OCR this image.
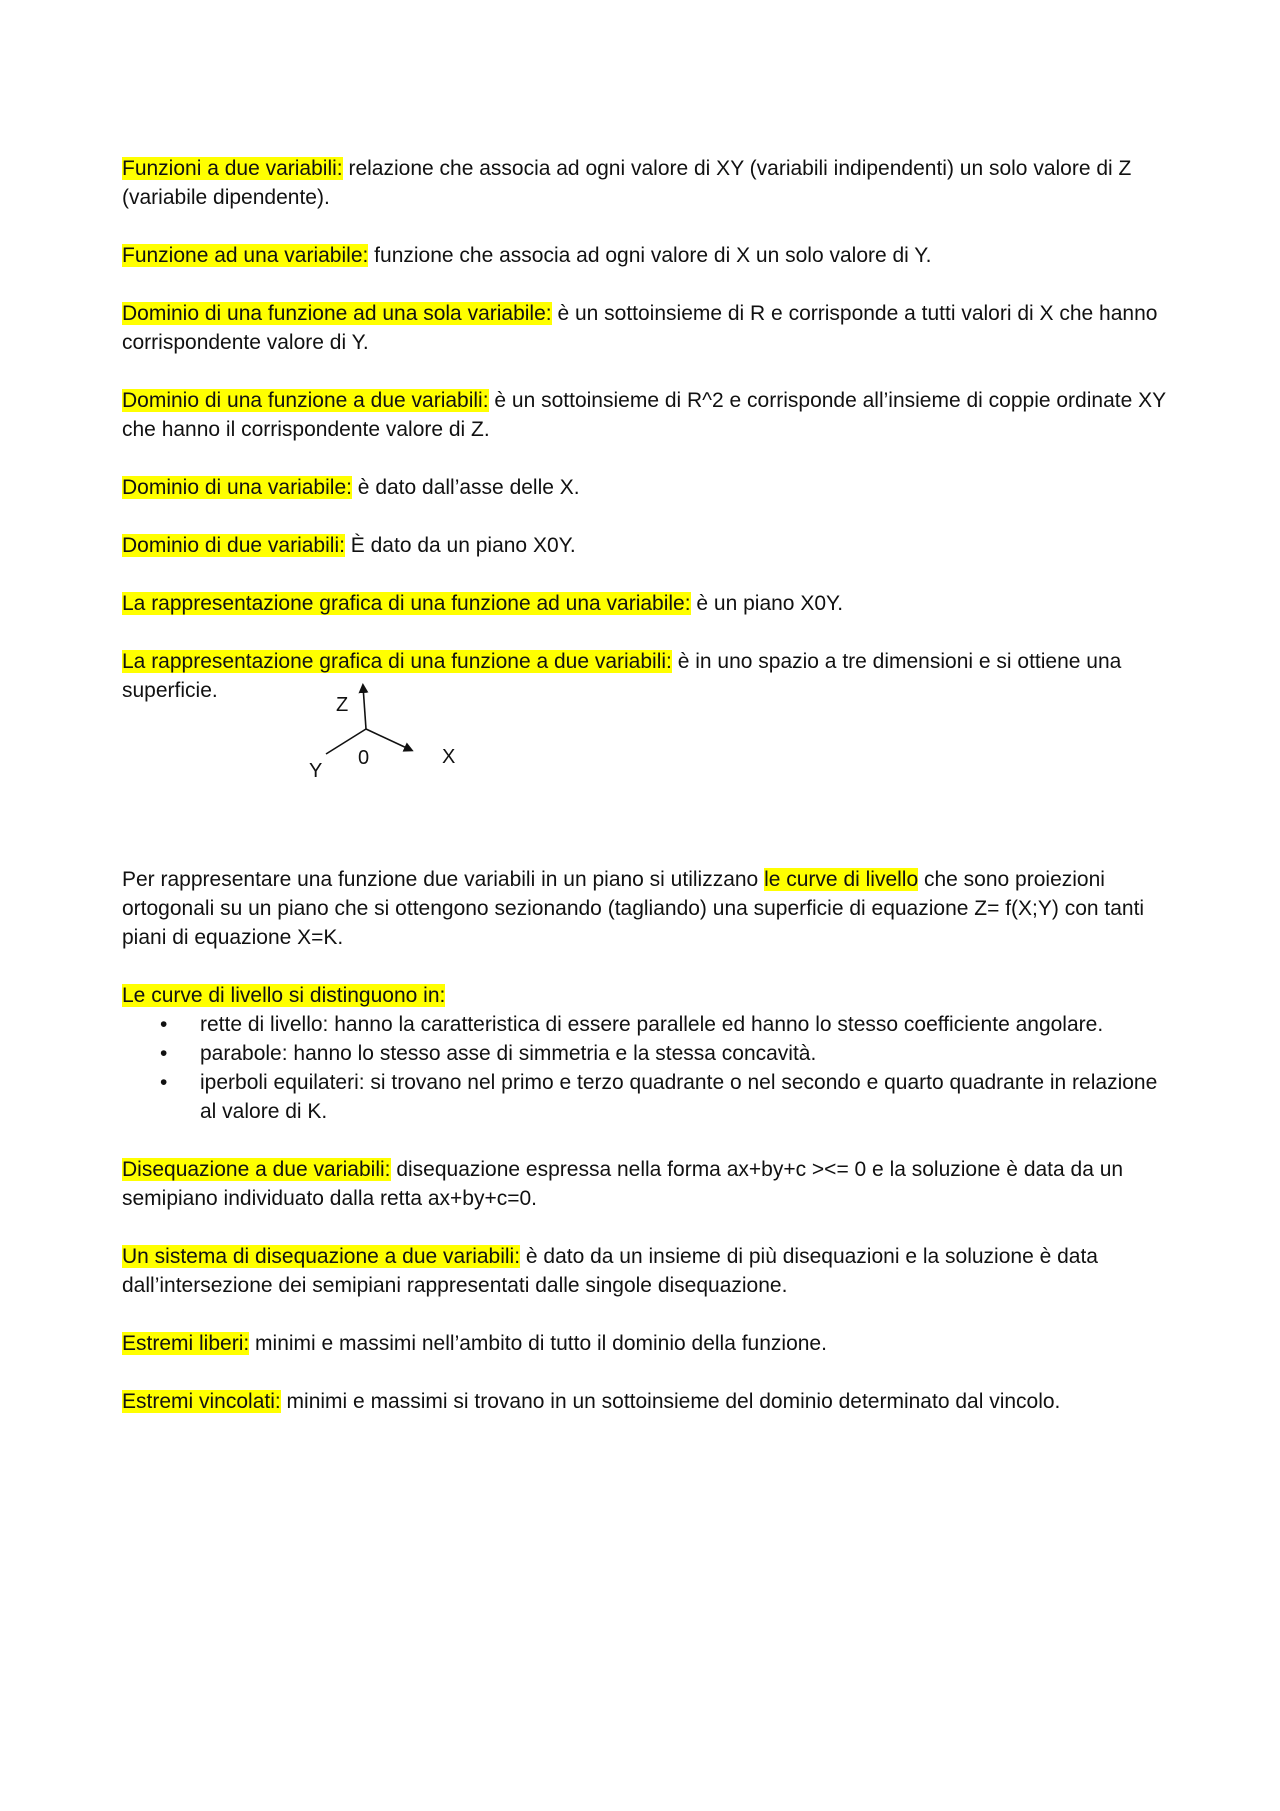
Funzioni a due variabili: relazione che associa ad ogni valore di XY (variabili indipendenti) un solo valore di Z (variabile dipendente).

Funzione ad una variabile: funzione che associa ad ogni valore di X un solo valore di Y.

Dominio di una funzione ad una sola variabile: è un sottoinsieme di R e corrisponde a tutti valori di X che hanno corrispondente valore di Y.

Dominio di una funzione a due variabili: è un sottoinsieme di R^2 e corrisponde all’insieme di coppie ordinate XY che hanno il corrispondente valore di Z.

Dominio di una variabile: è dato dall’asse delle X.

Dominio di due variabili: È dato da un piano X0Y.

La rappresentazione grafica di una funzione ad una variabile: è un piano X0Y.

La rappresentazione grafica di una funzione a due variabili: è in uno spazio a tre dimensioni e si ottiene una superficie.

Z
X
Y
0

Per rappresentare una funzione due variabili in un piano si utilizzano le curve di livello che sono proiezioni ortogonali su un piano che si ottengono sezionando (tagliando) una superficie di equazione Z= f(X;Y) con tanti piani di equazione X=K.

Le curve di livello si distinguono in:

• rette di livello: hanno la caratteristica di essere parallele ed hanno lo stesso coefficiente angolare.
• parabole: hanno lo stesso asse di simmetria e la stessa concavità.
• iperboli equilateri: si trovano nel primo e terzo quadrante o nel secondo e quarto quadrante in relazione al valore di K.

Disequazione a due variabili: disequazione espressa nella forma ax+by+c ><= 0 e la soluzione è data da un semipiano individuato dalla retta ax+by+c=0.

Un sistema di disequazione a due variabili: è dato da un insieme di più disequazioni e la soluzione è data dall’intersezione dei semipiani rappresentati dalle singole disequazione.

Estremi liberi: minimi e massimi nell’ambito di tutto il dominio della funzione.

Estremi vincolati: minimi e massimi si trovano in un sottoinsieme del dominio determinato dal vincolo.
